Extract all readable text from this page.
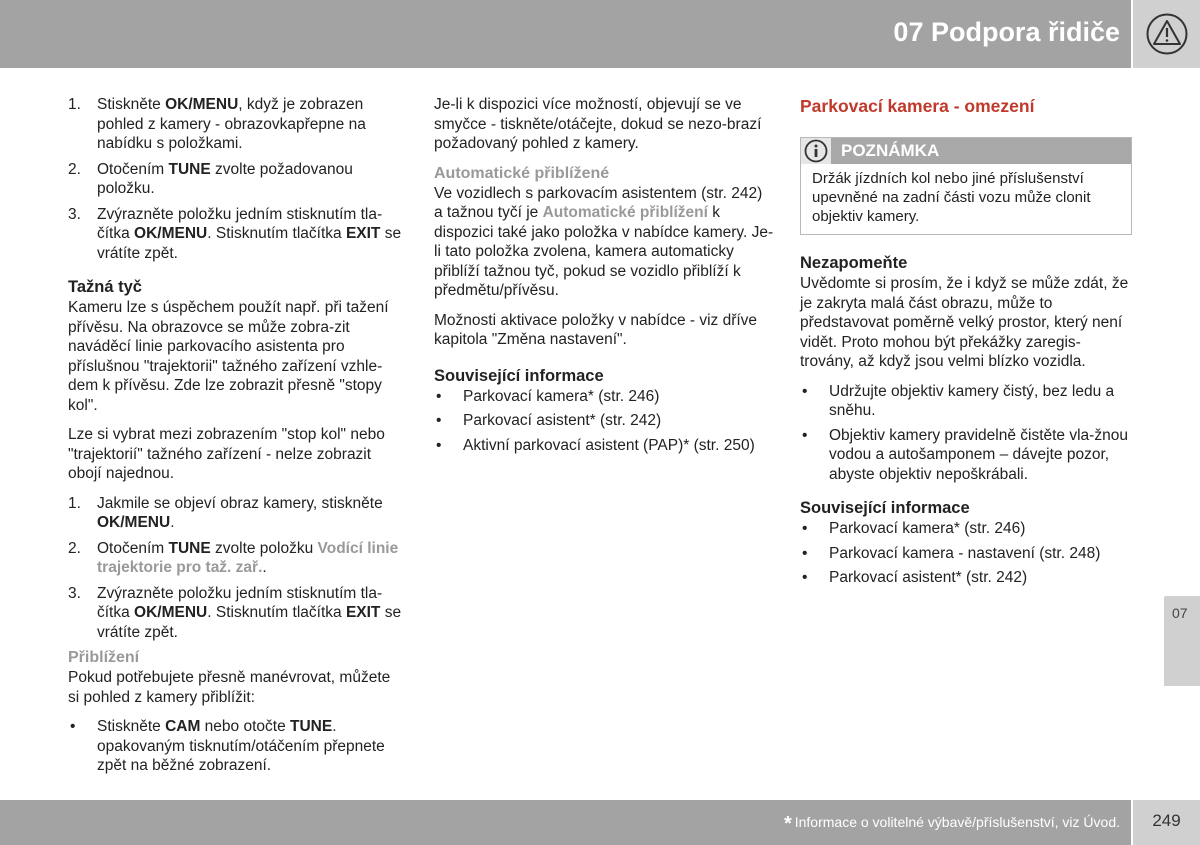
07 Podpora řidiče
1. Stiskněte OK/MENU, když je zobrazen pohled z kamery - obrazovkapřepne na nabídku s položkami.
2. Otočením TUNE zvolte požadovanou položku.
3. Zvýrazněte položku jedním stisknutím tla-čítka OK/MENU. Stisknutím tlačítka EXIT se vrátíte zpět.
Tažná tyč

Kameru lze s úspěchem použít např. při tažení přívěsu. Na obrazovce se může zobra-zit naváděcí linie parkovacího asistenta pro příslušnou "trajektorii" tažného zařízení vzhle-dem k přívěsu. Zde lze zobrazit přesně "stopy kol".

Lze si vybrat mezi zobrazením "stop kol" nebo "trajektorií" tažného zařízení - nelze zobrazit obojí najednou.

1. Jakmile se objeví obraz kamery, stiskněte OK/MENU.
2. Otočením TUNE zvolte položku Vodící linie trajektorie pro taž. zař..
3. Zvýrazněte položku jedním stisknutím tla-čítka OK/MENU. Stisknutím tlačítka EXIT se vrátíte zpět.
Přiblížení

Pokud potřebujete přesně manévrovat, můžete si pohled z kamery přiblížit:

• Stiskněte CAM nebo otočte TUNE. opakovaným tisknutím/otáčením přepnete zpět na běžné zobrazení.

Je-li k dispozici více možností, objevují se ve smyčce - tiskněte/otáčejte, dokud se nezo-brazí požadovaný pohled z kamery.

Automatické přiblížené

Ve vozidlech s parkovacím asistentem (str. 242) a tažnou tyčí je Automatické přiblížení k dispozici také jako položka v nabídce kamery. Je-li tato položka zvolena, kamera automaticky přiblíží tažnou tyč, pokud se vozidlo přiblíží k předmětu/přívěsu.

Možnosti aktivace položky v nabídce - viz dříve kapitola "Změna nastavení".

Související informace
• Parkovací kamera* (str. 246)
• Parkovací asistent* (str. 242)
• Aktivní parkovací asistent (PAP)* (str. 250)
Parkovací kamera - omezení
POZNÁMKA
Držák jízdních kol nebo jiné příslušenství upevněné na zadní části vozu může clonit objektiv kamery.
Nezapomeňte

Uvědomte si prosím, že i když se může zdát, že je zakryta malá část obrazu, může to představovat poměrně velký prostor, který není vidět. Proto mohou být překážky zaregis-trovány, až když jsou velmi blízko vozidla.

• Udržujte objektiv kamery čistý, bez ledu a sněhu.
• Objektiv kamery pravidelně čistěte vla-žnou vodou a autošamponem – dávejte pozor, abyste objektiv nepoškrábali.
Související informace
• Parkovací kamera* (str. 246)
• Parkovací kamera - nastavení (str. 248)
• Parkovací asistent* (str. 242)
07
* Informace o volitelné výbavě/příslušenství, viz Úvod.	249
